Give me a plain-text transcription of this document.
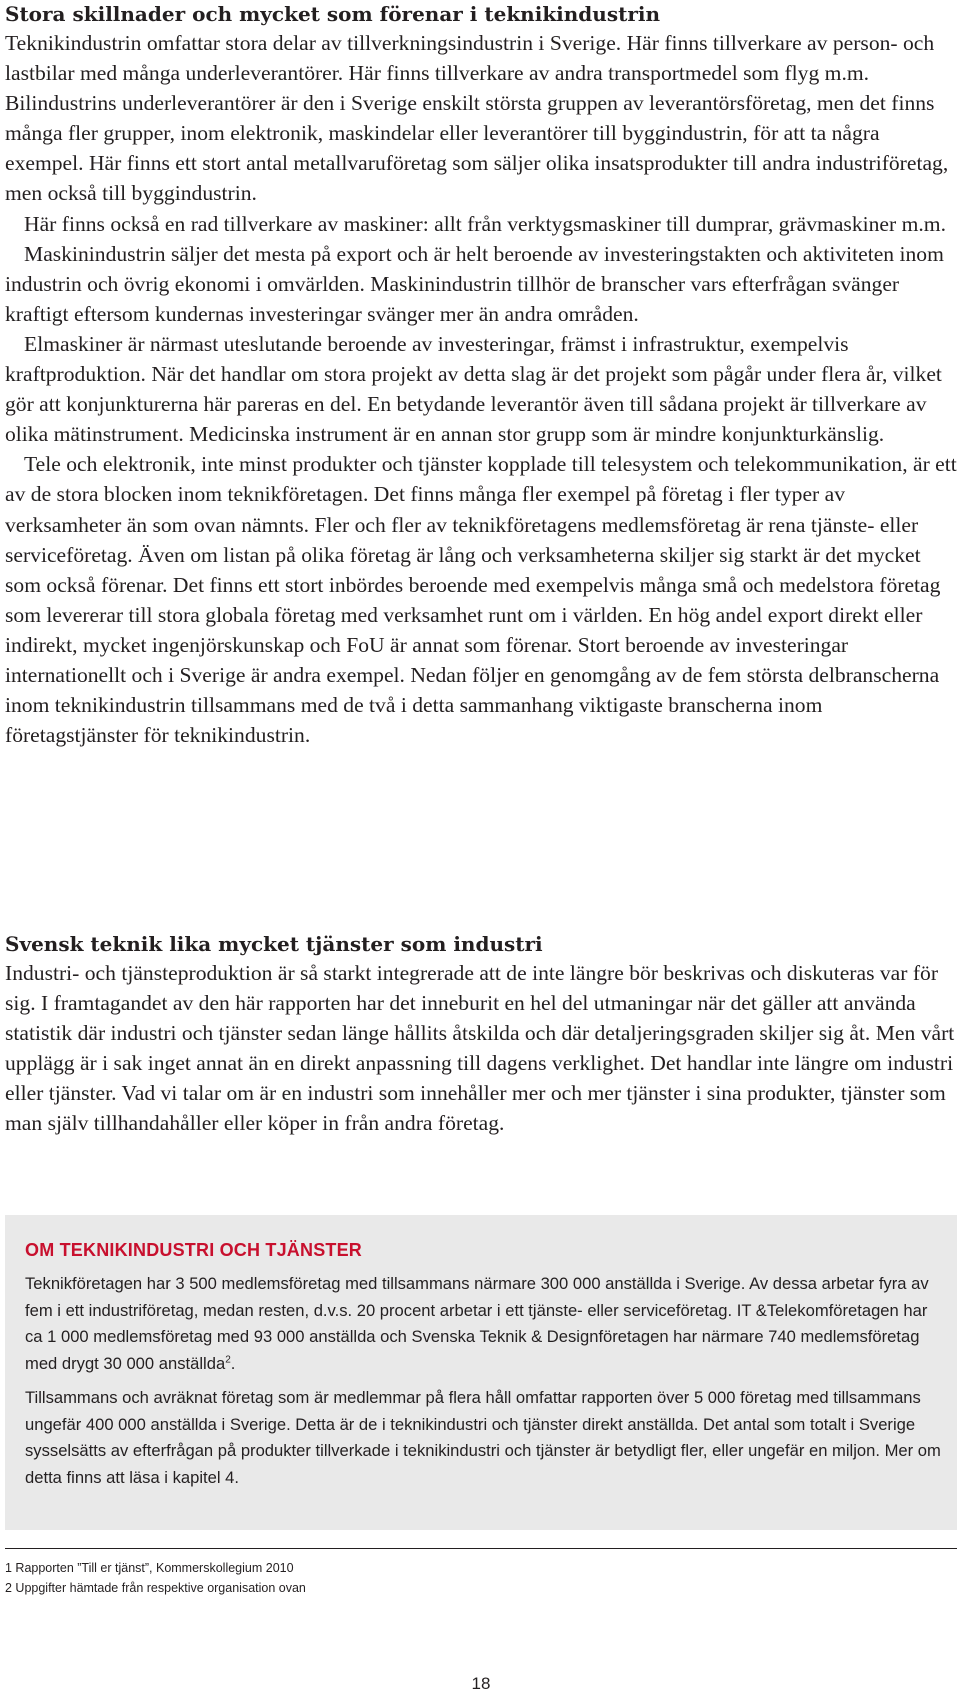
Stora skillnader och mycket som förenar i teknikindustrin

Teknikindustrin omfattar stora delar av tillverkningsindustrin i Sverige. Här finns tillverkare av person- och lastbilar med många underleverantörer. Här finns tillverkare av andra transportmedel som flyg m.m. Bilindustrins underleverantörer är den i Sverige enskilt största gruppen av leverantörsföretag, men det finns många fler grupper, inom elektronik, maskindelar eller leverantörer till byggindustrin, för att ta några exempel. Här finns ett stort antal metallvaruföretag som säljer olika insatsprodukter till andra industriföretag, men också till byggindustrin.

Här finns också en rad tillverkare av maskiner: allt från verktygsmaskiner till dumprar, grävmaskiner m.m.

Maskinindustrin säljer det mesta på export och är helt beroende av investeringstakten och aktiviteten inom industrin och övrig ekonomi i omvärlden. Maskinindustrin tillhör de branscher vars efterfrågan svänger kraftigt eftersom kundernas investeringar svänger mer än andra områden.

Elmaskiner är närmast uteslutande beroende av investeringar, främst i infrastruktur, exempelvis kraftproduktion. När det handlar om stora projekt av detta slag är det projekt som pågår under flera år, vilket gör att konjunkturerna här pareras en del. En betydande leverantör även till sådana projekt är tillverkare av olika mätinstrument. Medicinska instrument är en annan stor grupp som är mindre konjunkturkänslig.

Tele och elektronik, inte minst produkter och tjänster kopplade till telesystem och telekommunikation, är ett av de stora blocken inom teknikföretagen. Det finns många fler exempel på företag i fler typer av verksamheter än som ovan nämnts. Fler och fler av teknikföretagens medlemsföretag är rena tjänste- eller serviceföretag. Även om listan på olika företag är lång och verksamheterna skiljer sig starkt är det mycket som också förenar. Det finns ett stort inbördes beroende med exempelvis många små och medelstora företag som levererar till stora globala företag med verksamhet runt om i världen. En hög andel export direkt eller indirekt, mycket ingenjörskunskap och FoU är annat som förenar. Stort beroende av investeringar internationellt och i Sverige är andra exempel. Nedan följer en genomgång av de fem största delbranscherna inom teknikindustrin tillsammans med de två i detta sammanhang viktigaste branscherna inom företagstjänster för teknikindustrin.

Svensk teknik lika mycket tjänster som industri

Industri- och tjänsteproduktion är så starkt integrerade att de inte längre bör beskrivas och diskuteras var för sig. I framtagandet av den här rapporten har det inneburit en hel del utmaningar när det gäller att använda statistik där industri och tjänster sedan länge hållits åtskilda och där detaljeringsgraden skiljer sig åt. Men vårt upplägg är i sak inget annat än en direkt anpassning till dagens verklighet. Det handlar inte längre om industri eller tjänster. Vad vi talar om är en industri som innehåller mer och mer tjänster i sina produkter, tjänster som man själv tillhandahåller eller köper in från andra företag.

OM TEKNIKINDUSTRI OCH TJÄNSTER

Teknikföretagen har 3 500 medlemsföretag med tillsammans närmare 300 000 anställda i Sverige. Av dessa arbetar fyra av fem i ett industriföretag, medan resten, d.v.s. 20 procent arbetar i ett tjänste- eller serviceföretag. IT &Telekomföretagen har ca 1 000 medlemsföretag med 93 000 anställda och Svenska Teknik & Designföretagen har närmare 740 medlemsföretag med drygt 30 000 anställda$^2$.

Tillsammans och avräknat företag som är medlemmar på flera håll omfattar rapporten över 5 000 företag med tillsammans ungefär 400 000 anställda i Sverige. Detta är de i teknikindustri och tjänster direkt anställda. Det antal som totalt i Sverige sysselsätts av efterfrågan på produkter tillverkade i teknikindustri och tjänster är betydligt fler, eller ungefär en miljon. Mer om detta finns att läsa i kapitel 4.

1 Rapporten ”Till er tjänst”, Kommerskollegium 2010

2 Uppgifter hämtade från respektive organisation ovan

18
